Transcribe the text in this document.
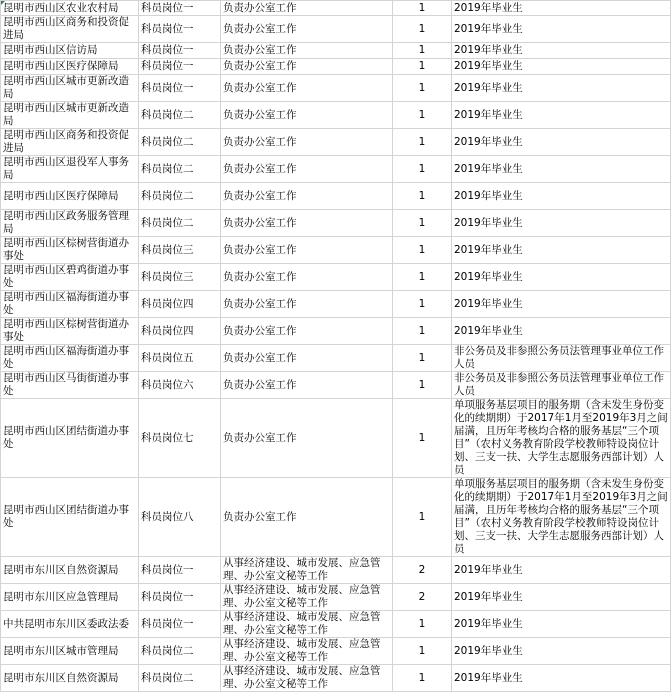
昆明市西山区农业农村局	科员岗位一	负责办公室工作	1	2019年毕业生
昆明市西山区商务和投资促进局	科员岗位一	负责办公室工作	1	2019年毕业生
昆明市西山区信访局	科员岗位一	负责办公室工作	1	2019年毕业生
昆明市西山区医疗保障局	科员岗位一	负责办公室工作	1	2019年毕业生
昆明市西山区城市更新改造局	科员岗位一	负责办公室工作	1	2019年毕业生
昆明市西山区城市更新改造局	科员岗位二	负责办公室工作	1	2019年毕业生
昆明市西山区商务和投资促进局	科员岗位二	负责办公室工作	1	2019年毕业生
昆明市西山区退役军人事务局	科员岗位二	负责办公室工作	1	2019年毕业生
昆明市西山区医疗保障局	科员岗位二	负责办公室工作	1	2019年毕业生
昆明市西山区政务服务管理局	科员岗位二	负责办公室工作	1	2019年毕业生
昆明市西山区棕树营街道办事处	科员岗位三	负责办公室工作	1	2019年毕业生
昆明市西山区碧鸡街道办事处	科员岗位三	负责办公室工作	1	2019年毕业生
昆明市西山区福海街道办事处	科员岗位四	负责办公室工作	1	2019年毕业生
昆明市西山区棕树营街道办事处	科员岗位四	负责办公室工作	1	2019年毕业生
昆明市西山区福海街道办事处	科员岗位五	负责办公室工作	1	非公务员及非参照公务员法管理事业单位工作人员
昆明市西山区马街街道办事处	科员岗位六	负责办公室工作	1	非公务员及非参照公务员法管理事业单位工作人员
昆明市西山区团结街道办事处	科员岗位七	负责办公室工作	1	单项服务基层项目的服务期（含未发生身份变化的续期期）于2017年1月至2019年3月之间届满，且历年考核均合格的服务基层“三个项目”（农村义务教育阶段学校教师特设岗位计划、三支一扶、大学生志愿服务西部计划）人员
昆明市西山区团结街道办事处	科员岗位八	负责办公室工作	1	单项服务基层项目的服务期（含未发生身份变化的续期期）于2017年1月至2019年3月之间届满，且历年考核均合格的服务基层“三个项目”（农村义务教育阶段学校教师特设岗位计划、三支一扶、大学生志愿服务西部计划）人员
昆明市东川区自然资源局	科员岗位一	从事经济建设、城市发展、应急管理、办公室文秘等工作	2	2019年毕业生
昆明市东川区应急管理局	科员岗位一	从事经济建设、城市发展、应急管理、办公室文秘等工作	2	2019年毕业生
中共昆明市东川区委政法委	科员岗位一	从事经济建设、城市发展、应急管理、办公室文秘等工作	1	2019年毕业生
昆明市东川区城市管理局	科员岗位二	从事经济建设、城市发展、应急管理、办公室文秘等工作	1	2019年毕业生
昆明市东川区自然资源局	科员岗位二	从事经济建设、城市发展、应急管理、办公室文秘等工作	1	2019年毕业生
